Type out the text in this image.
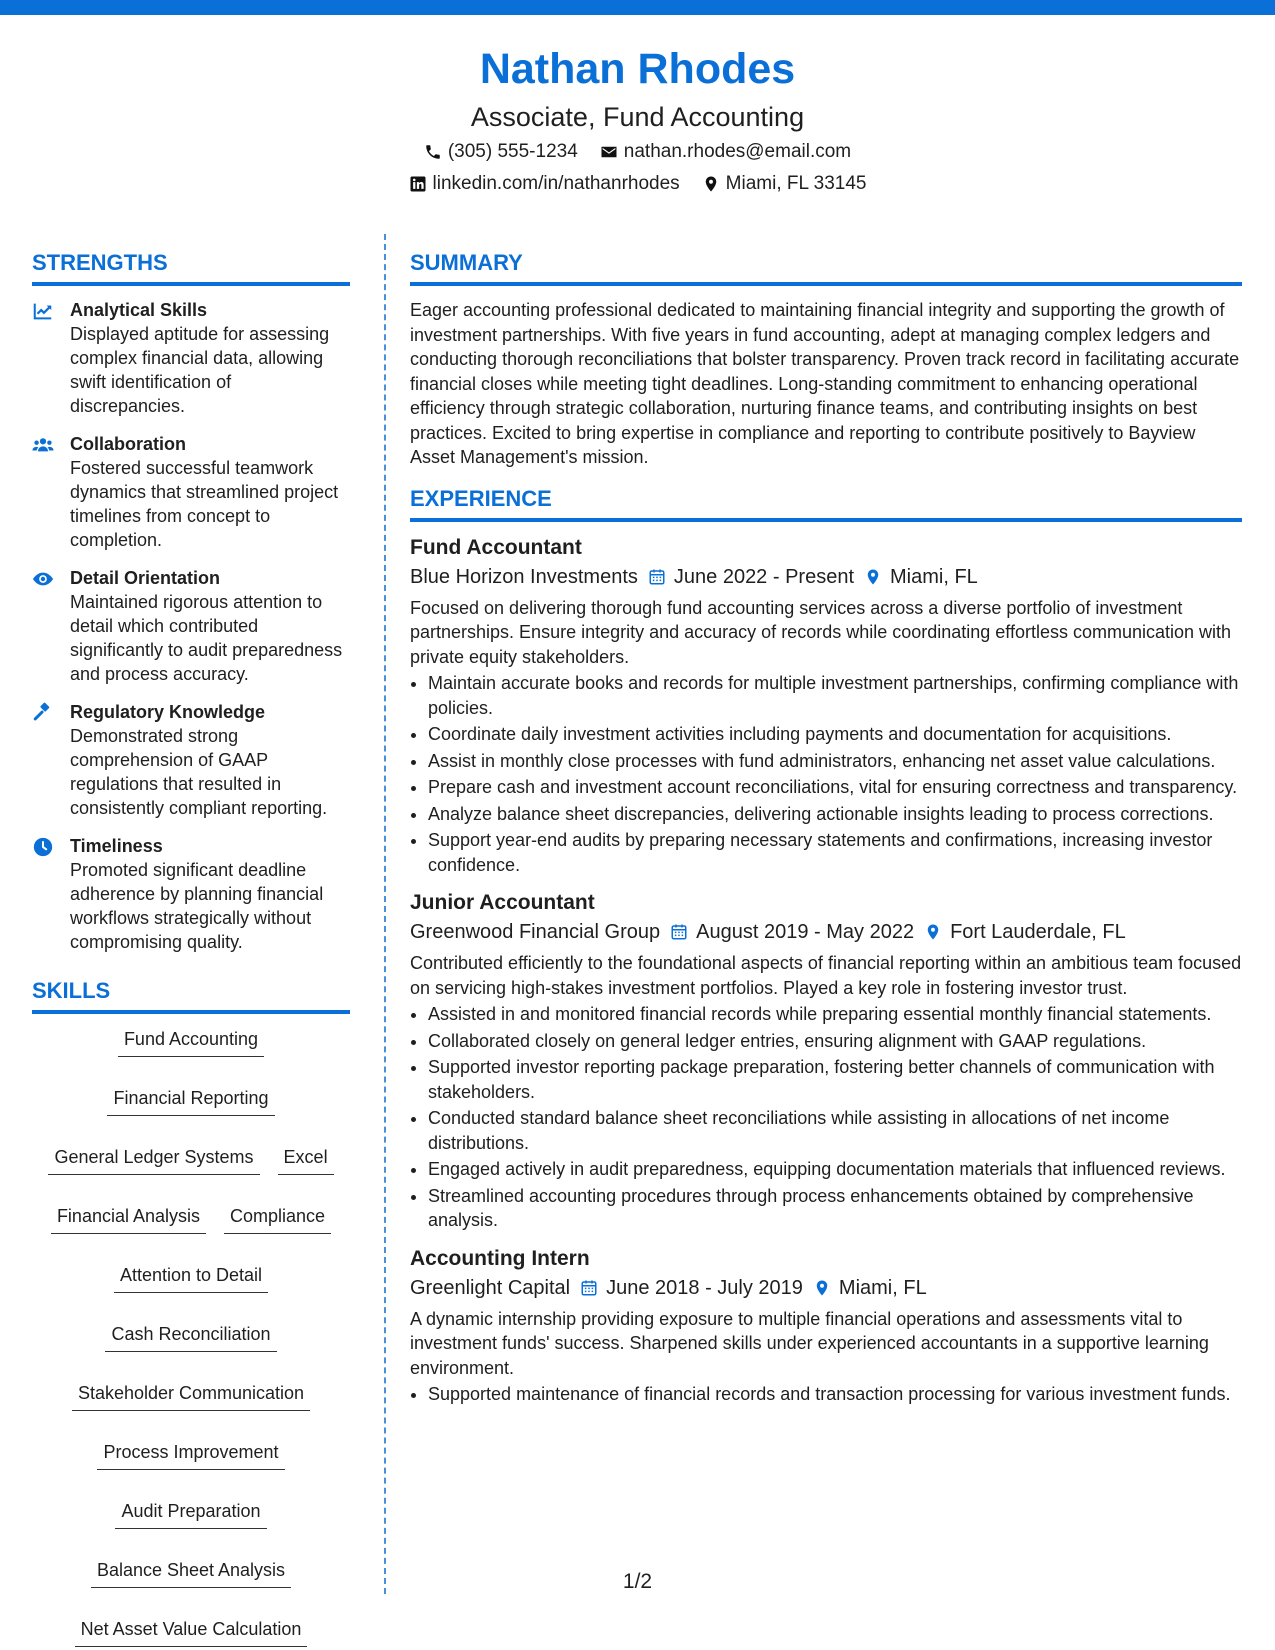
Nathan Rhodes
Associate, Fund Accounting
(305) 555-1234 nathan.rhodes@email.com
linkedin.com/in/nathanrhodes Miami, FL 33145
STRENGTHS
Analytical Skills
Displayed aptitude for assessing complex financial data, allowing swift identification of discrepancies.
Collaboration
Fostered successful teamwork dynamics that streamlined project timelines from concept to completion.
Detail Orientation
Maintained rigorous attention to detail which contributed significantly to audit preparedness and process accuracy.
Regulatory Knowledge
Demonstrated strong comprehension of GAAP regulations that resulted in consistently compliant reporting.
Timeliness
Promoted significant deadline adherence by planning financial workflows strategically without compromising quality.
SKILLS
Fund Accounting
Financial Reporting
General Ledger Systems	Excel
Financial Analysis	Compliance
Attention to Detail
Cash Reconciliation
Stakeholder Communication
Process Improvement
Audit Preparation
Balance Sheet Analysis
Net Asset Value Calculation
SUMMARY
Eager accounting professional dedicated to maintaining financial integrity and supporting the growth of investment partnerships. With five years in fund accounting, adept at managing complex ledgers and conducting thorough reconciliations that bolster transparency. Proven track record in facilitating accurate financial closes while meeting tight deadlines. Long-standing commitment to enhancing operational efficiency through strategic collaboration, nurturing finance teams, and contributing insights on best practices. Excited to bring expertise in compliance and reporting to contribute positively to Bayview Asset Management's mission.
EXPERIENCE
Fund Accountant
Blue Horizon Investments June 2022 - Present Miami, FL
Focused on delivering thorough fund accounting services across a diverse portfolio of investment partnerships. Ensure integrity and accuracy of records while coordinating effortless communication with private equity stakeholders.
• Maintain accurate books and records for multiple investment partnerships, confirming compliance with policies.
• Coordinate daily investment activities including payments and documentation for acquisitions.
• Assist in monthly close processes with fund administrators, enhancing net asset value calculations.
• Prepare cash and investment account reconciliations, vital for ensuring correctness and transparency.
• Analyze balance sheet discrepancies, delivering actionable insights leading to process corrections.
• Support year-end audits by preparing necessary statements and confirmations, increasing investor confidence.
Junior Accountant
Greenwood Financial Group August 2019 - May 2022 Fort Lauderdale, FL
Contributed efficiently to the foundational aspects of financial reporting within an ambitious team focused on servicing high-stakes investment portfolios. Played a key role in fostering investor trust.
• Assisted in and monitored financial records while preparing essential monthly financial statements.
• Collaborated closely on general ledger entries, ensuring alignment with GAAP regulations.
• Supported investor reporting package preparation, fostering better channels of communication with stakeholders.
• Conducted standard balance sheet reconciliations while assisting in allocations of net income distributions.
• Engaged actively in audit preparedness, equipping documentation materials that influenced reviews.
• Streamlined accounting procedures through process enhancements obtained by comprehensive analysis.
Accounting Intern
Greenlight Capital June 2018 - July 2019 Miami, FL
A dynamic internship providing exposure to multiple financial operations and assessments vital to investment funds' success. Sharpened skills under experienced accountants in a supportive learning environment.
• Supported maintenance of financial records and transaction processing for various investment funds.
1/2
